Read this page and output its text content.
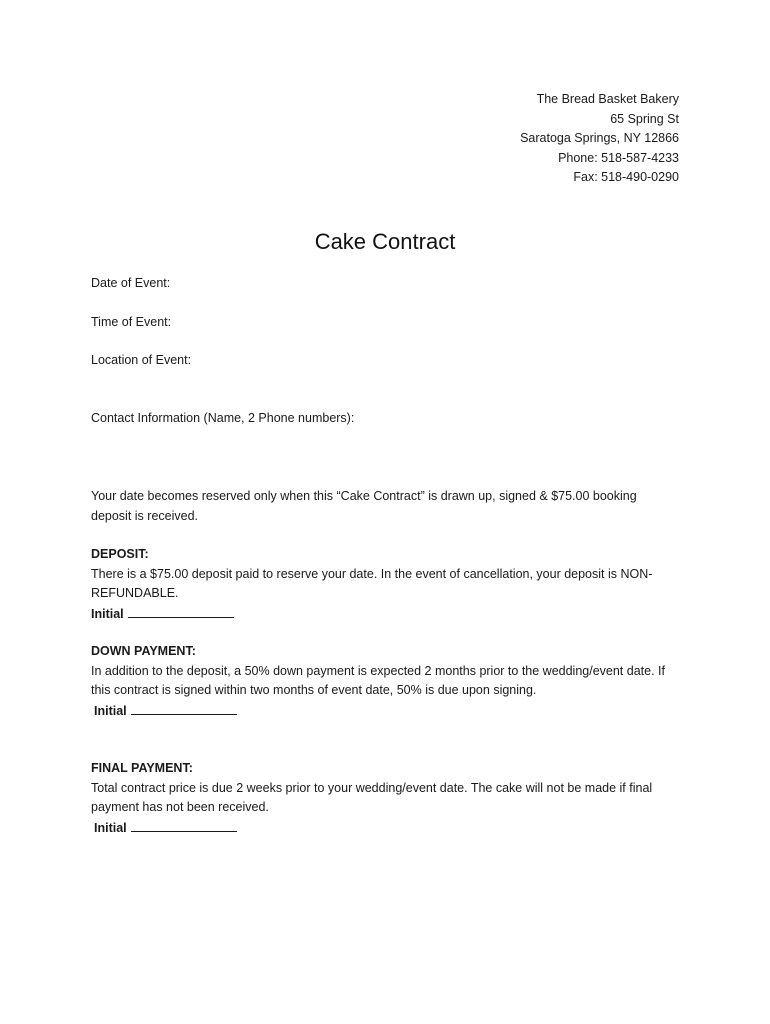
The Bread Basket Bakery
65 Spring St
Saratoga Springs, NY 12866
Phone: 518-587-4233
Fax: 518-490-0290
Cake Contract
Date of Event:
Time of Event:
Location of Event:
Contact Information (Name, 2 Phone numbers):
Your date becomes reserved only when this “Cake Contract” is drawn up, signed & $75.00 booking deposit is received.
DEPOSIT:
There is a $75.00 deposit paid to reserve your date. In the event of cancellation, your deposit is NON-REFUNDABLE.
Initial
DOWN PAYMENT:
In addition to the deposit, a 50% down payment is expected 2 months prior to the wedding/event date. If this contract is signed within two months of event date, 50% is due upon signing.
Initial
FINAL PAYMENT:
Total contract price is due 2 weeks prior to your wedding/event date. The cake will not be made if final payment has not been received.
Initial
